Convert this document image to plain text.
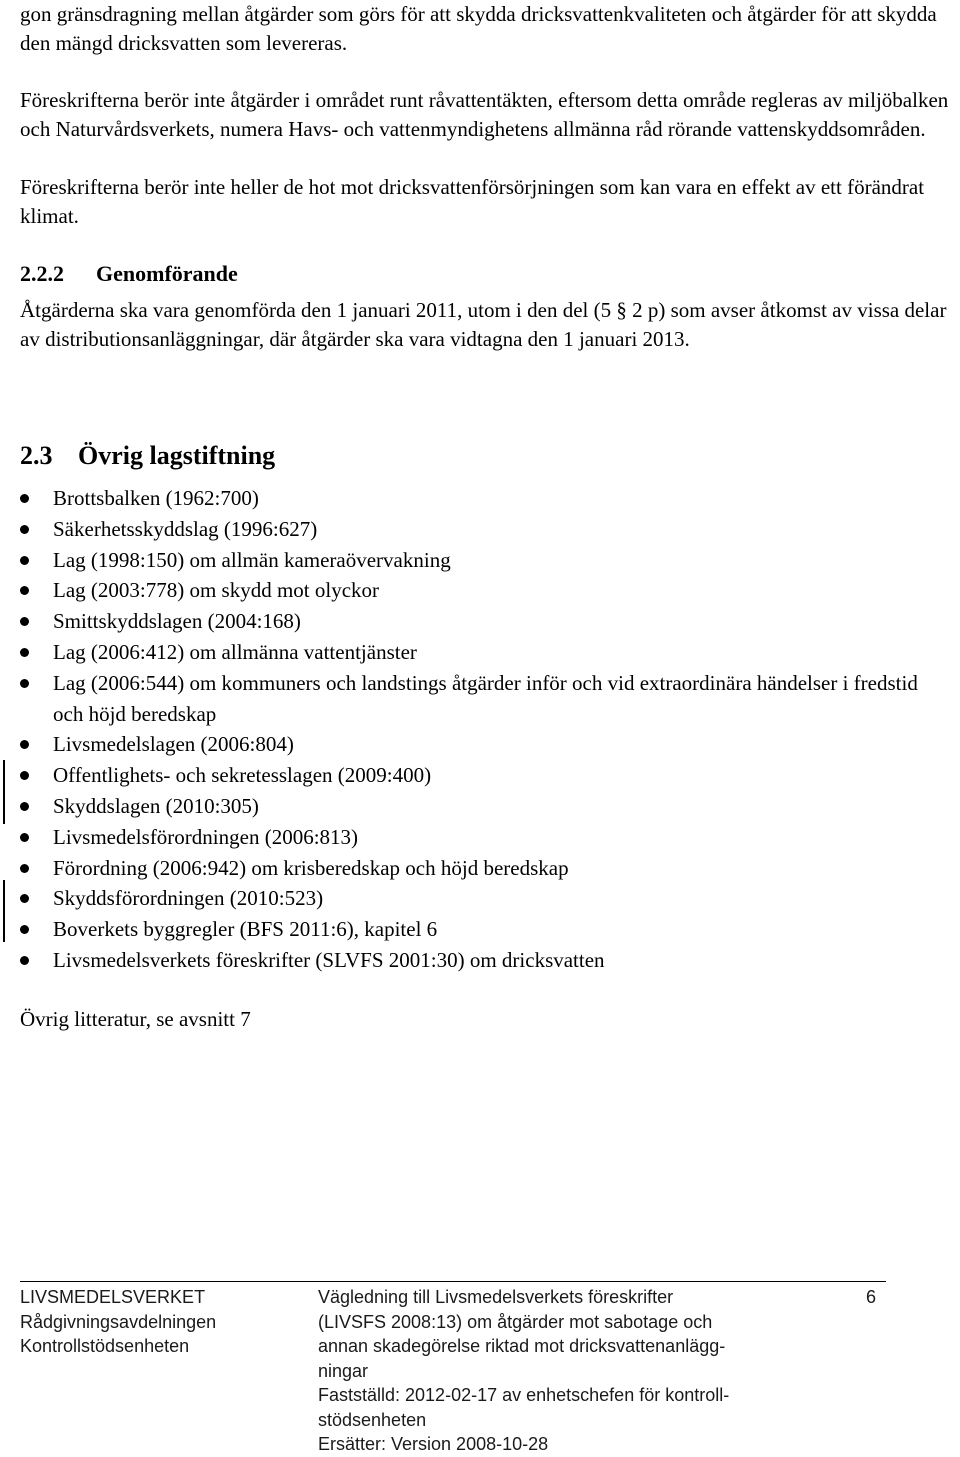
gon gränsdragning mellan åtgärder som görs för att skydda dricksvattenkvaliteten och åtgärder för att skydda den mängd dricksvatten som levereras.

Föreskrifterna berör inte åtgärder i området runt råvattentäkten, eftersom detta område regleras av miljöbalken och Naturvårdsverkets, numera Havs- och vattenmyndighetens allmänna råd rörande vattenskyddsområden.

Föreskrifterna berör inte heller de hot mot dricksvattenförsörjningen som kan vara en effekt av ett förändrat klimat.

2.2.2 Genomförande

Åtgärderna ska vara genomförda den 1 januari 2011, utom i den del (5 § 2 p) som avser åtkomst av vissa delar av distributionsanläggningar, där åtgärder ska vara vidtagna den 1 januari 2013.

2.3 Övrig lagstiftning
Brottsbalken (1962:700)
Säkerhetsskyddslag (1996:627)
Lag (1998:150) om allmän kameraövervakning
Lag (2003:778) om skydd mot olyckor
Smittskyddslagen (2004:168)
Lag (2006:412) om allmänna vattentjänster
Lag (2006:544) om kommuners och landstings åtgärder inför och vid extraordinära händelser i fredstid och höjd beredskap
Livsmedelslagen (2006:804)
Offentlighets- och sekretesslagen (2009:400)
Skyddslagen (2010:305)
Livsmedelsförordningen (2006:813)
Förordning (2006:942) om krisberedskap och höjd beredskap
Skyddsförordningen (2010:523)
Boverkets byggregler (BFS 2011:6), kapitel 6
Livsmedelsverkets föreskrifter (SLVFS 2001:30) om dricksvatten

Övrig litteratur, se avsnitt 7

LIVSMEDELSVERKET
Rådgivningsavdelningen
Kontrollstödsenheten
Vägledning till Livsmedelsverkets föreskrifter
(LIVSFS 2008:13) om åtgärder mot sabotage och
annan skadegörelse riktad mot dricksvattenanlägg-
ningar
Fastställd: 2012-02-17 av enhetschefen för kontroll-
stödsenheten
Ersätter: Version 2008-10-28
6
